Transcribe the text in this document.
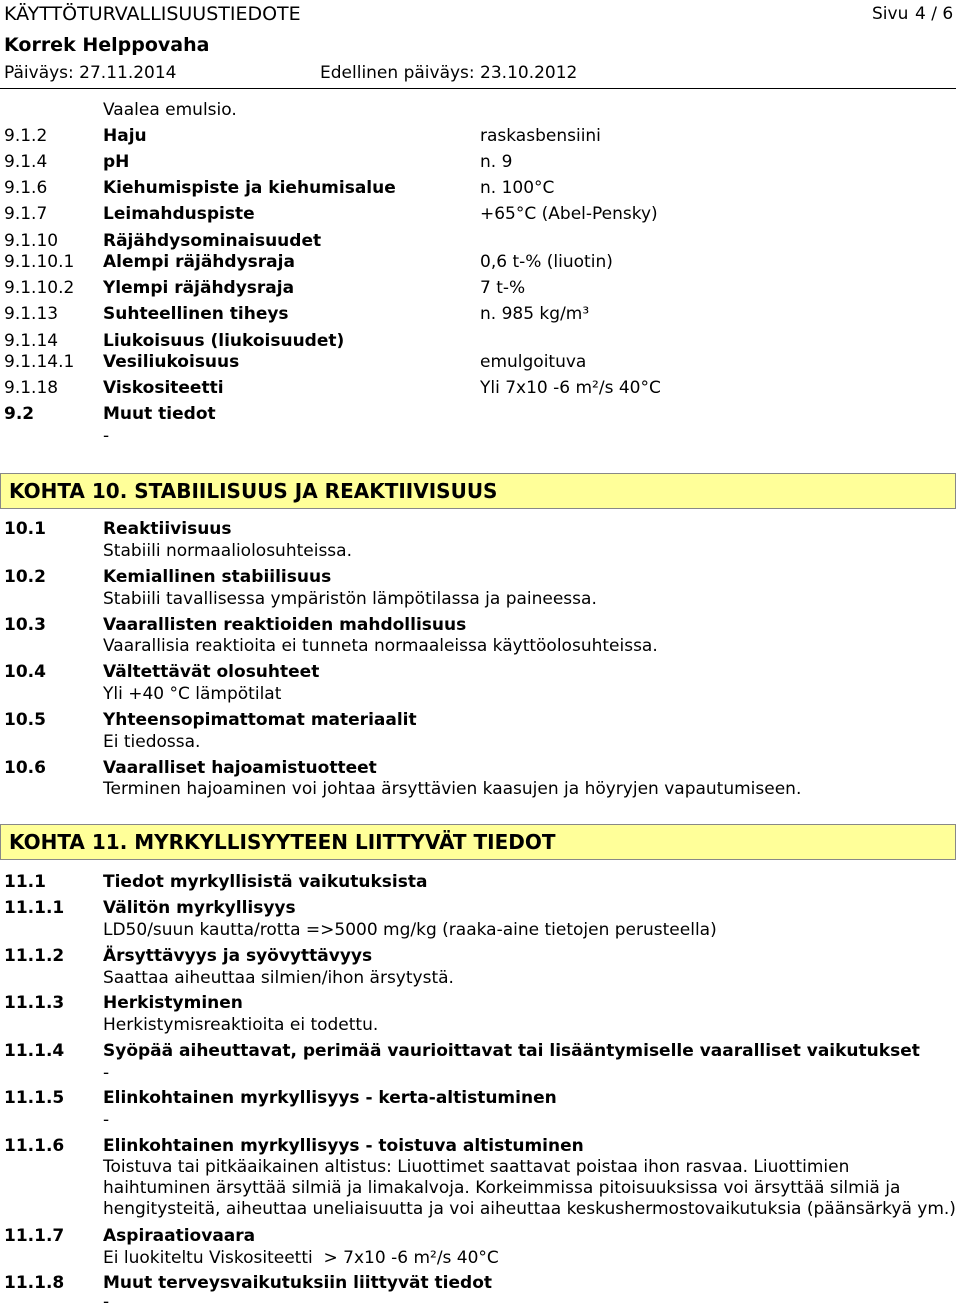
KÄYTTÖTURVALLISUUSTIEDOTE	Sivu 4 / 6
Korrek Helppovaha
Päiväys: 27.11.2014	Edellinen päiväys: 23.10.2012
Vaalea emulsio.
9.1.2	Haju	raskasbensiini
9.1.4	pH	n. 9
9.1.6	Kiehumispiste ja kiehumisalue	n. 100°C
9.1.7	Leimahduspiste	+65°C (Abel-Pensky)
9.1.10	Räjähdysominaisuudet
9.1.10.1 Alempi räjähdysraja	0,6 t-% (liuotin)
9.1.10.2 Ylempi räjähdysraja	7 t-%
9.1.13	Suhteellinen tiheys	n. 985 kg/m³
9.1.14	Liukoisuus (liukoisuudet)
9.1.14.1 Vesiliukoisuus	emulgoituva
9.1.18	Viskositeetti	Yli 7x10 -6 m²/s 40°C
9.2	Muut tiedot
-
KOHTA 10. STABIILISUUS JA REAKTIIVISUUS
10.1	Reaktiivisuus
Stabiili normaaliolosuhteissa.
10.2	Kemiallinen stabiilisuus
Stabiili tavallisessa ympäristön lämpötilassa ja paineessa.
10.3	Vaarallisten reaktioiden mahdollisuus
Vaarallisia reaktioita ei tunneta normaaleissa käyttöolosuhteissa.
10.4	Vältettävät olosuhteet
Yli +40 °C lämpötilat
10.5	Yhteensopimattomat materiaalit
Ei tiedossa.
10.6	Vaaralliset hajoamistuotteet
Terminen hajoaminen voi johtaa ärsyttävien kaasujen ja höyryjen vapautumiseen.
KOHTA 11. MYRKYLLISYYTEEN LIITTYVÄT TIEDOT
11.1	Tiedot myrkyllisistä vaikutuksista
11.1.1 Välitön myrkyllisyys
LD50/suun kautta/rotta =>5000 mg/kg (raaka-aine tietojen perusteella)
11.1.2 Ärsyttävyys ja syövyttävyys
Saattaa aiheuttaa silmien/ihon ärsytystä.
11.1.3 Herkistyminen
Herkistymisreaktioita ei todettu.
11.1.4 Syöpää aiheuttavat, perimää vaurioittavat tai lisääntymiselle vaaralliset vaikutukset
-
11.1.5 Elinkohtainen myrkyllisyys - kerta-altistuminen
-
11.1.6 Elinkohtainen myrkyllisyys - toistuva altistuminen
Toistuva tai pitkäaikainen altistus: Liuottimet saattavat poistaa ihon rasvaa. Liuottimien haihtuminen ärsyttää silmiä ja limakalvoja. Korkeimmissa pitoisuuksissa voi ärsyttää silmiä ja hengitysteitä, aiheuttaa uneliaisuutta ja voi aiheuttaa keskushermostovaikutuksia (päänsärkyä ym.)
11.1.7 Aspiraatiovaara
Ei luokiteltu Viskositeetti  > 7x10 -6 m²/s 40°C
11.1.8 Muut terveysvaikutuksiin liittyvät tiedot
-
